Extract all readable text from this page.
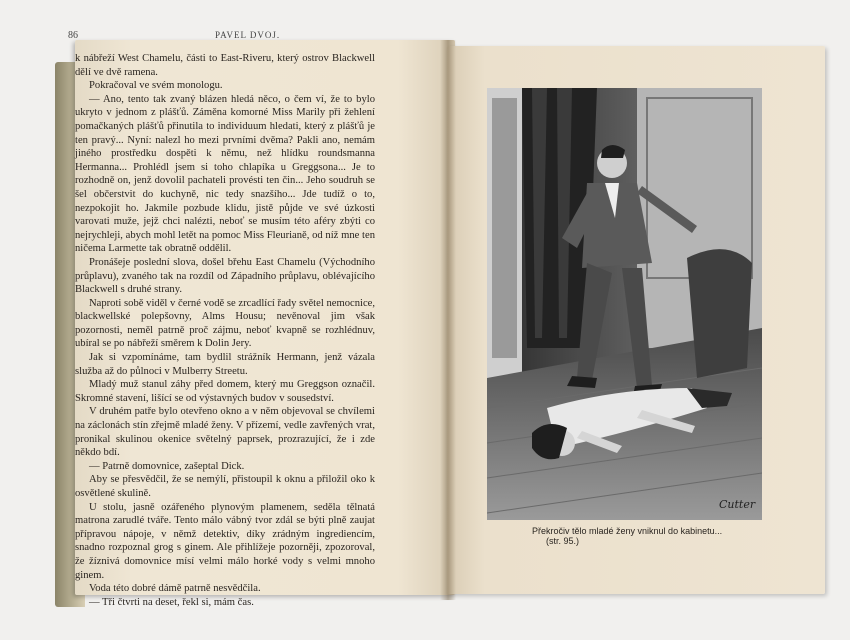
86	PAVEL DVOJ.

k nábřeží West Chamelu, části to East-Riveru, který ostrov Blackwell dělí ve dvě ramena.

Pokračoval ve svém monologu.

— Ano, tento tak zvaný blázen hledá něco, o čem ví, že to bylo ukryto v jednom z plášťů. Záměna komorné Miss Marily při žehlení pomačkaných plášťů přinutila to individuum hledati, který z plášťů je ten pravý... Nyní: nalezl ho mezi prvními dvěma? Pakli ano, nemám jiného prostředku dospěti k němu, než hlídku roundsmanna Hermanna... Prohlédl jsem si toho chlapíka u Greggsona... Je to rozhodně on, jenž dovolil pachateli provésti ten čin... Jeho soudruh se šel občerstvit do kuchyně, nic tedy snazšího... Jde tudíž o to, nezpokojit ho. Jakmile pozbude klidu, jistě půjde ve své úzkosti varovati muže, jejž chci nalézti, neboť se musím této aféry zbýti co nejrychleji, abych mohl letět na pomoc Miss Fleurianě, od níž mne ten ničema Larmette tak obratně oddělil.

Pronášeje poslední slova, došel břehu East Chamelu (Východního průplavu), zvaného tak na rozdíl od Západního průplavu, oblévajícího Blackwell s druhé strany.

Naproti sobě viděl v černé vodě se zrcadlící řady světel nemocnice, blackwellské polepšovny, Alms Housu; nevěnoval jim však pozornosti, neměl patrně proč zájmu, neboť kvapně se rozhlédnuv, ubíral se po nábřeží směrem k Dolin Jery.

Jak si vzpomínáme, tam bydlil strážník Hermann, jenž vázala služba až do půlnoci v Mulberry Streetu.

Mladý muž stanul záhy před domem, který mu Greggson označil. Skromné stavení, lišící se od výstavných budov v sousedství.

V druhém patře bylo otevřeno okno a v něm objevoval se chvílemi na záclonách stín zřejmě mladé ženy. V přízemí, vedle zavřených vrat, pronikal skulinou okenice světelný paprsek, prozrazující, že i zde někdo bdí.

— Patrně domovnice, zašeptal Dick.

Aby se přesvědčil, že se nemýlí, přistoupil k oknu a přiložil oko k osvětlené skulině.

U stolu, jasně ozářeného plynovým plamenem, seděla tělnatá matrona zarudlé tváře. Tento málo vábný tvor zdál se býti plně zaujat přípravou nápoje, v němž detektiv, díky zrádným ingrediencím, snadno rozpoznal grog s ginem. Ale přihlížeje pozorněji, zpozoroval, že žíznivá domovnice mísí velmi málo horké vody s velmi mnoho ginem.

Voda této dobré dámě patrně nesvědčila.

— Tři čtvrti na deset, řekl si, mám čas.

Cutter
Překročiv tělo mladé ženy vniknul do kabinetu... (str. 95.)
